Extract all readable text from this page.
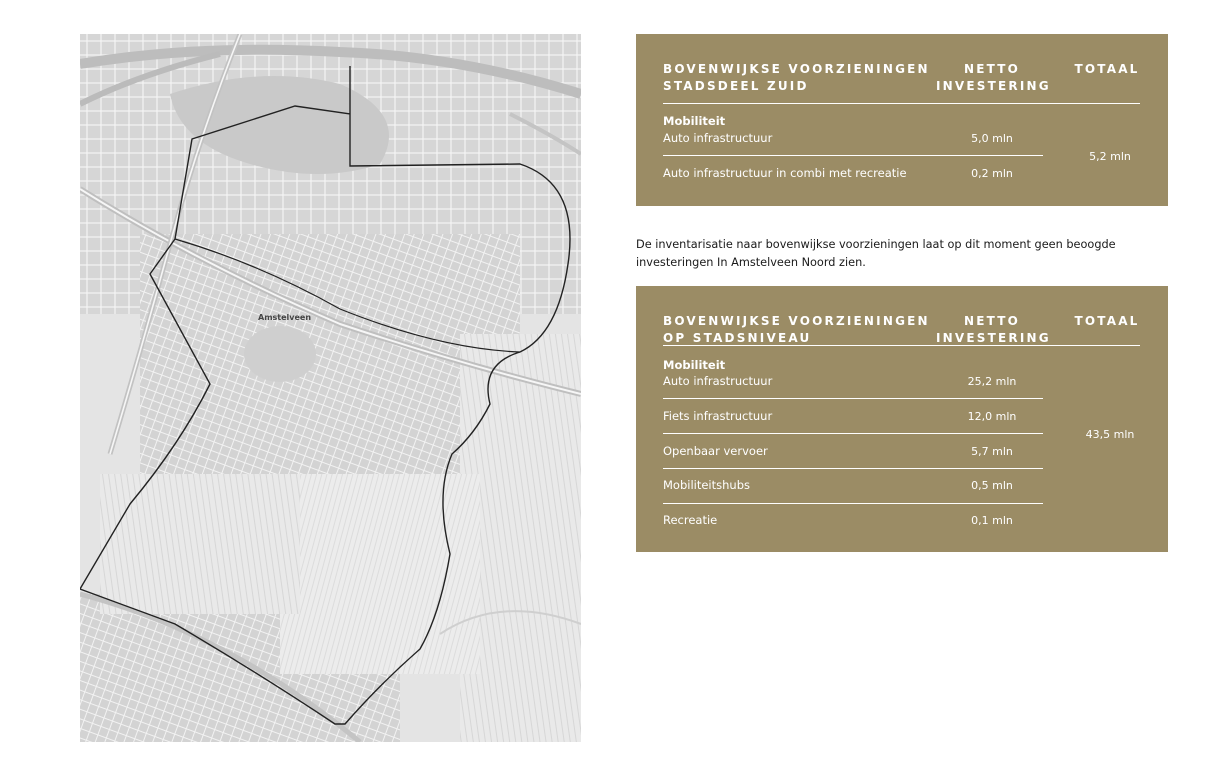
Amstelveen
BOVENWIJKSE VOORZIENINGEN STADSDEEL ZUID
NETTO INVESTERING
TOTAAL
Mobiliteit
Auto infrastructuur	5,0 mln
Auto infrastructuur in combi met recreatie	0,2 mln
5,2 mln
De inventarisatie naar bovenwijkse voorzieningen laat op dit moment geen beoogde investeringen In Amstelveen Noord zien.
BOVENWIJKSE VOORZIENINGEN OP STADSNIVEAU
NETTO INVESTERING
TOTAAL
Mobiliteit
Auto infrastructuur	25,2 mln
Fiets infrastructuur	12,0 mln
Openbaar vervoer	5,7 mln
Mobiliteitshubs	0,5 mln
Recreatie	0,1 mln
43,5 mln
